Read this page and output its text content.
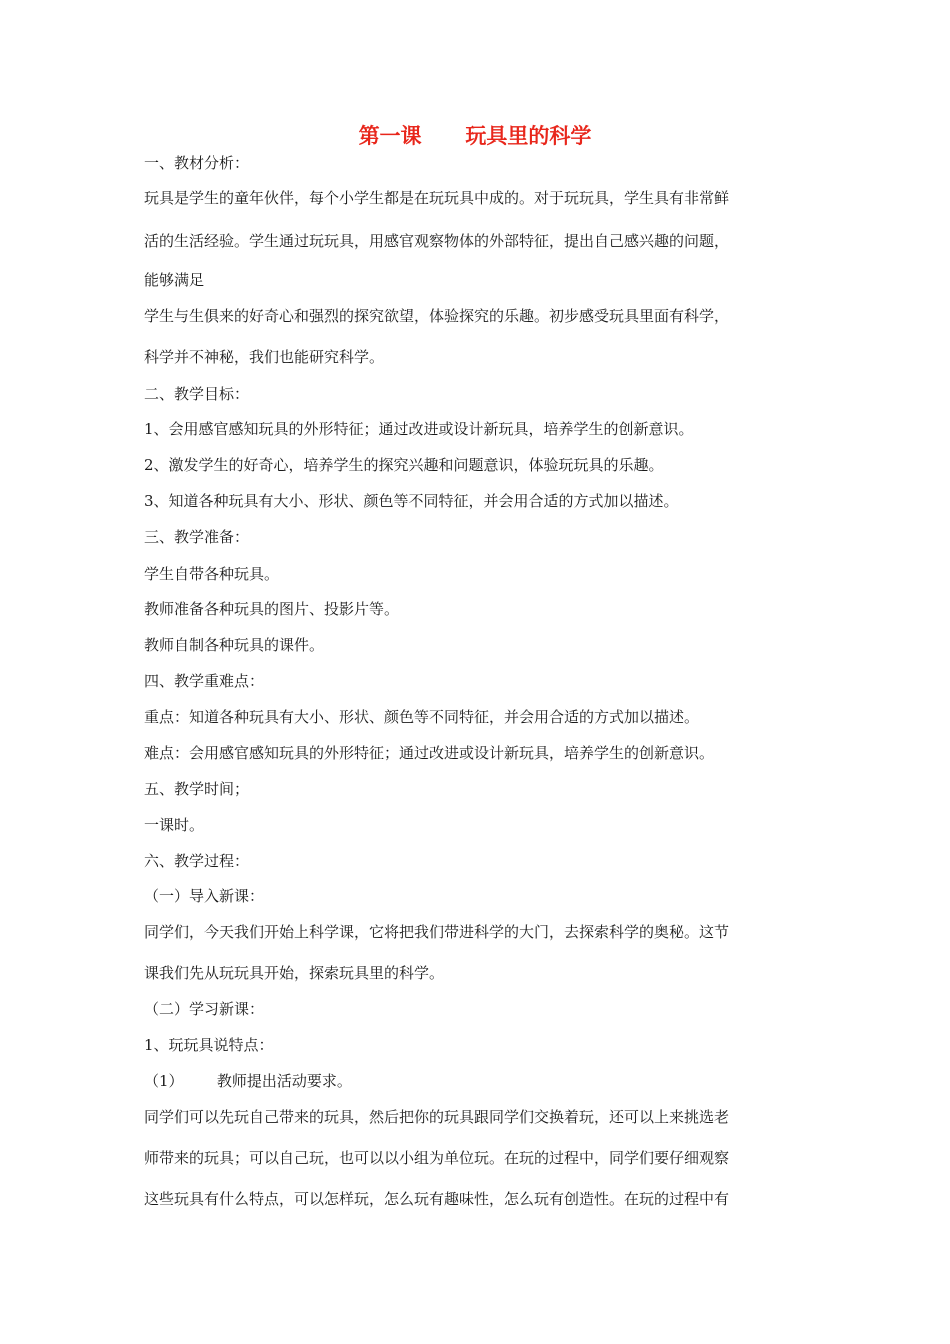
第一课      玩具里的科学
一、教材分析：
玩具是学生的童年伙伴，每个小学生都是在玩玩具中成的。对于玩玩具，学生具有非常鲜
活的生活经验。学生通过玩玩具，用感官观察物体的外部特征，提出自己感兴趣的问题，
能够满足
学生与生俱来的好奇心和强烈的探究欲望，体验探究的乐趣。初步感受玩具里面有科学，
科学并不神秘，我们也能研究科学。
二、教学目标：
1、会用感官感知玩具的外形特征；通过改进或设计新玩具，培养学生的创新意识。
2、激发学生的好奇心，培养学生的探究兴趣和问题意识，体验玩玩具的乐趣。
3、知道各种玩具有大小、形状、颜色等不同特征，并会用合适的方式加以描述。
三、教学准备：
学生自带各种玩具。
教师准备各种玩具的图片、投影片等。
教师自制各种玩具的课件。
四、教学重难点：
重点：知道各种玩具有大小、形状、颜色等不同特征，并会用合适的方式加以描述。
难点：会用感官感知玩具的外形特征；通过改进或设计新玩具，培养学生的创新意识。
五、教学时间；
一课时。
六、教学过程：
（一）导入新课：
同学们，今天我们开始上科学课，它将把我们带进科学的大门，去探索科学的奥秘。这节
课我们先从玩玩具开始，探索玩具里的科学。
（二）学习新课：
1、玩玩具说特点：
（1）       教师提出活动要求。
同学们可以先玩自己带来的玩具，然后把你的玩具跟同学们交换着玩，还可以上来挑选老
师带来的玩具；可以自己玩，也可以以小组为单位玩。在玩的过程中，同学们要仔细观察
这些玩具有什么特点，可以怎样玩，怎么玩有趣味性，怎么玩有创造性。在玩的过程中有
